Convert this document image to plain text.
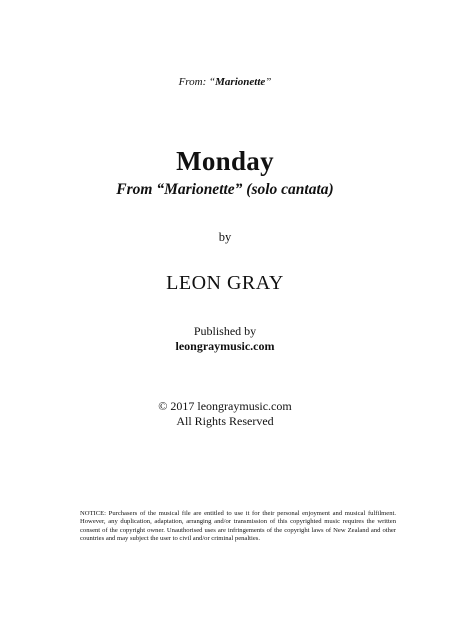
From: “Marionette”
Monday
From “Marionette” (solo cantata)
by
LEON GRAY
Published by
leongraymusic.com
© 2017 leongraymusic.com
All Rights Reserved
NOTICE: Purchasers of the musical file are entitled to use it for their personal enjoyment and musical fulfilment. However, any duplication, adaptation, arranging and/or transmission of this copyrighted music requires the written consent of the copyright owner. Unauthorised uses are infringements of the copyright laws of New Zealand and other countries and may subject the user to civil and/or criminal penalties.
